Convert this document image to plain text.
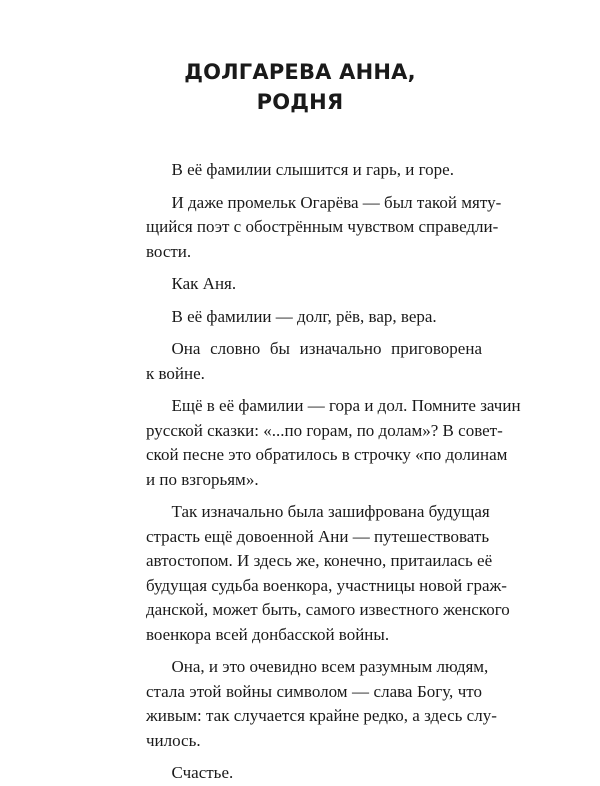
ДОЛГАРЕВА АННА,
РОДНЯ
В её фамилии слышится и гарь, и горе.
И даже промельк Огарёва — был такой мяту-
щийся поэт с обострённым чувством справедли-
вости.
Как Аня.
В её фамилии — долг, рёв, вар, вера.
Она словно бы изначально приговорена
к войне.
Ещё в её фамилии — гора и дол. Помните зачин
русской сказки: «...по горам, по долам»? В совет-
ской песне это обратилось в строчку «по долинам
и по взгорьям».
Так изначально была зашифрована будущая
страсть ещё довоенной Ани — путешествовать
автостопом. И здесь же, конечно, притаилась её
будущая судьба военкора, участницы новой граж-
данской, может быть, самого известного женского
военкора всей донбасской войны.
Она, и это очевидно всем разумным людям,
стала этой войны символом — слава Богу, что
живым: так случается крайне редко, а здесь слу-
чилось.
Счастье.
